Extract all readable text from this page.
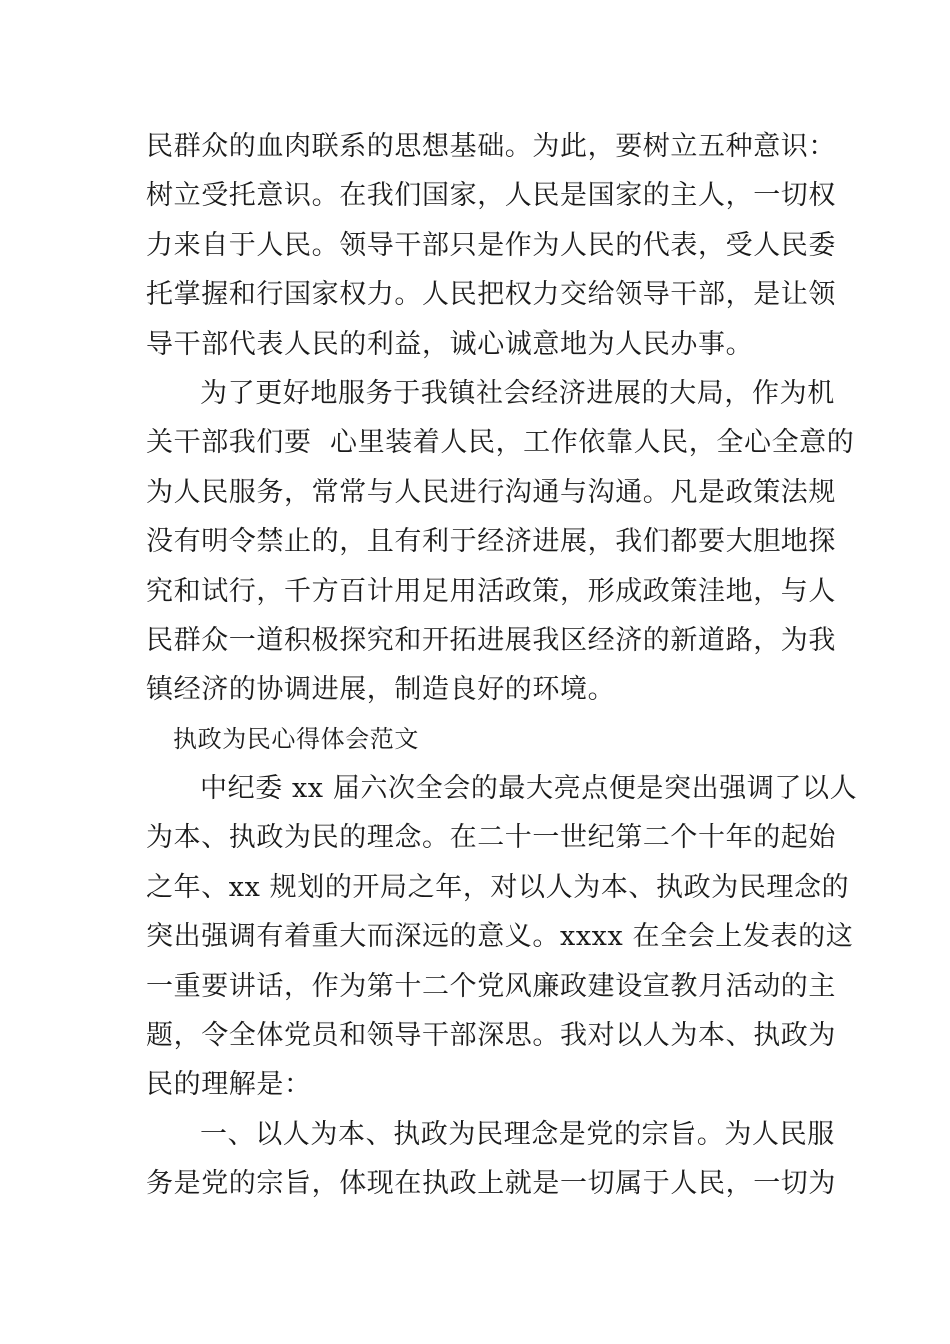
民群众的血肉联系的思想基础。为此，要树立五种意识：
树立受托意识。在我们国家，人民是国家的主人，一切权
力来自于人民。领导干部只是作为人民的代表，受人民委
托掌握和行国家权力。人民把权力交给领导干部，是让领
导干部代表人民的利益，诚心诚意地为人民办事。
为了更好地服务于我镇社会经济进展的大局，作为机
关干部我们要  心里装着人民，工作依靠人民，全心全意的
为人民服务，常常与人民进行沟通与沟通。凡是政策法规
没有明令禁止的，且有利于经济进展，我们都要大胆地探
究和试行，千方百计用足用活政策，形成政策洼地，与人
民群众一道积极探究和开拓进展我区经济的新道路，为我
镇经济的协调进展，制造良好的环境。
执政为民心得体会范文
中纪委 xx 届六次全会的最大亮点便是突出强调了以人
为本、执政为民的理念。在二十一世纪第二个十年的起始
之年、xx 规划的开局之年，对以人为本、执政为民理念的
突出强调有着重大而深远的意义。xxxx 在全会上发表的这
一重要讲话，作为第十二个党风廉政建设宣教月活动的主
题，令全体党员和领导干部深思。我对以人为本、执政为
民的理解是：
一、以人为本、执政为民理念是党的宗旨。为人民服
务是党的宗旨，体现在执政上就是一切属于人民，一切为
